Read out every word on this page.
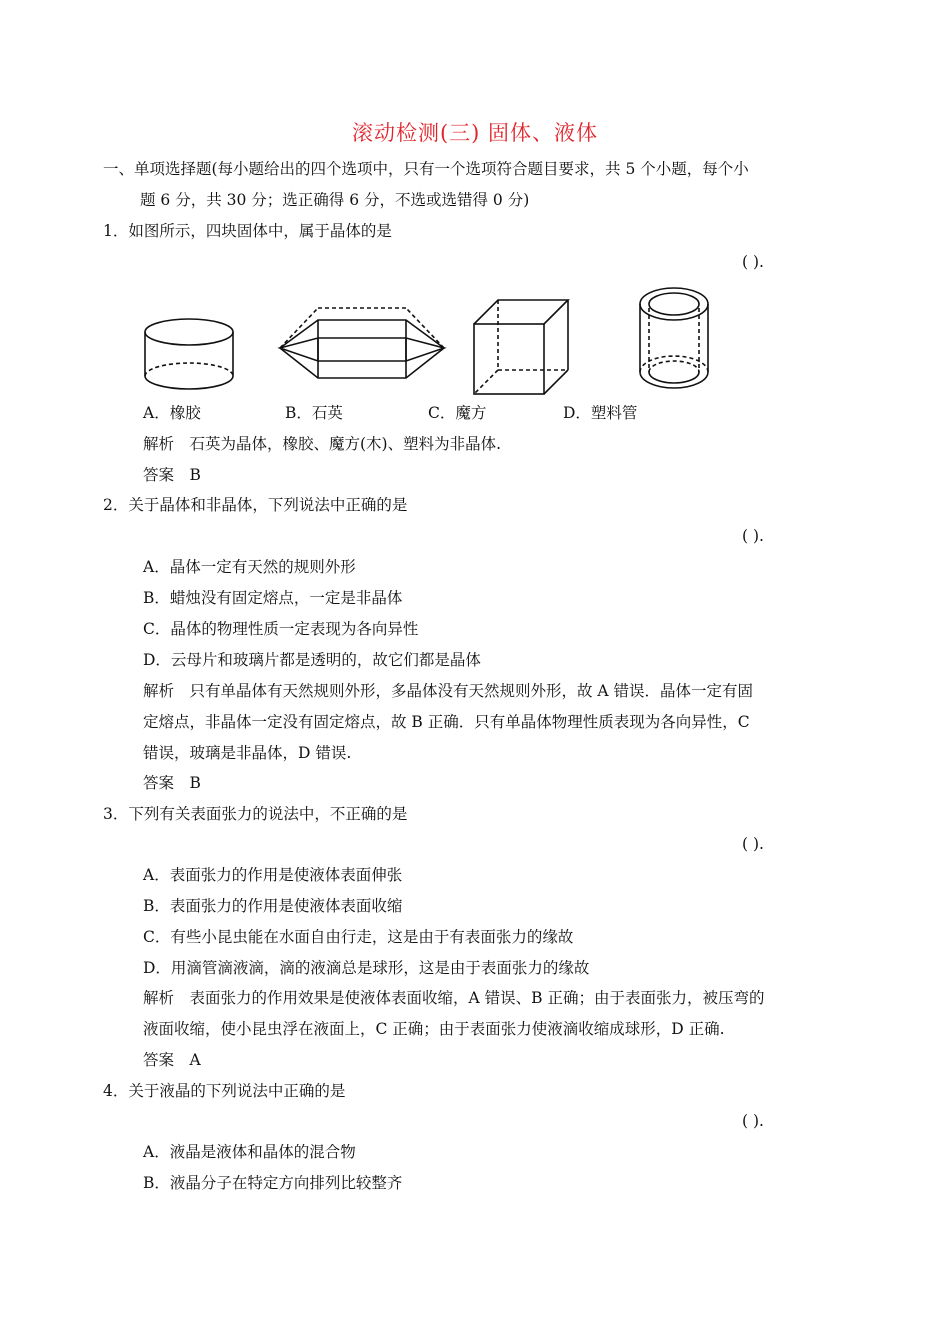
滚动检测(三) 固体、液体
一、单项选择题(每小题给出的四个选项中，只有一个选项符合题目要求，共 5 个小题，每个小
题 6 分，共 30 分；选正确得 6 分，不选或选错得 0 分)
1．如图所示，四块固体中，属于晶体的是
( ).
A．橡胶	B．石英	C．魔方	D．塑料管
解析　石英为晶体，橡胶、魔方(木)、塑料为非晶体.
答案　B
2．关于晶体和非晶体，下列说法中正确的是
( ).
A．晶体一定有天然的规则外形
B．蜡烛没有固定熔点，一定是非晶体
C．晶体的物理性质一定表现为各向异性
D．云母片和玻璃片都是透明的，故它们都是晶体
解析　只有单晶体有天然规则外形，多晶体没有天然规则外形，故 A 错误．晶体一定有固
定熔点，非晶体一定没有固定熔点，故 B 正确．只有单晶体物理性质表现为各向异性，C
错误，玻璃是非晶体，D 错误.
答案　B
3．下列有关表面张力的说法中，不正确的是
( ).
A．表面张力的作用是使液体表面伸张
B．表面张力的作用是使液体表面收缩
C．有些小昆虫能在水面自由行走，这是由于有表面张力的缘故
D．用滴管滴液滴，滴的液滴总是球形，这是由于表面张力的缘故
解析　表面张力的作用效果是使液体表面收缩，A 错误、B 正确；由于表面张力，被压弯的
液面收缩，使小昆虫浮在液面上，C 正确；由于表面张力使液滴收缩成球形，D 正确.
答案　A
4．关于液晶的下列说法中正确的是
( ).
A．液晶是液体和晶体的混合物
B．液晶分子在特定方向排列比较整齐
